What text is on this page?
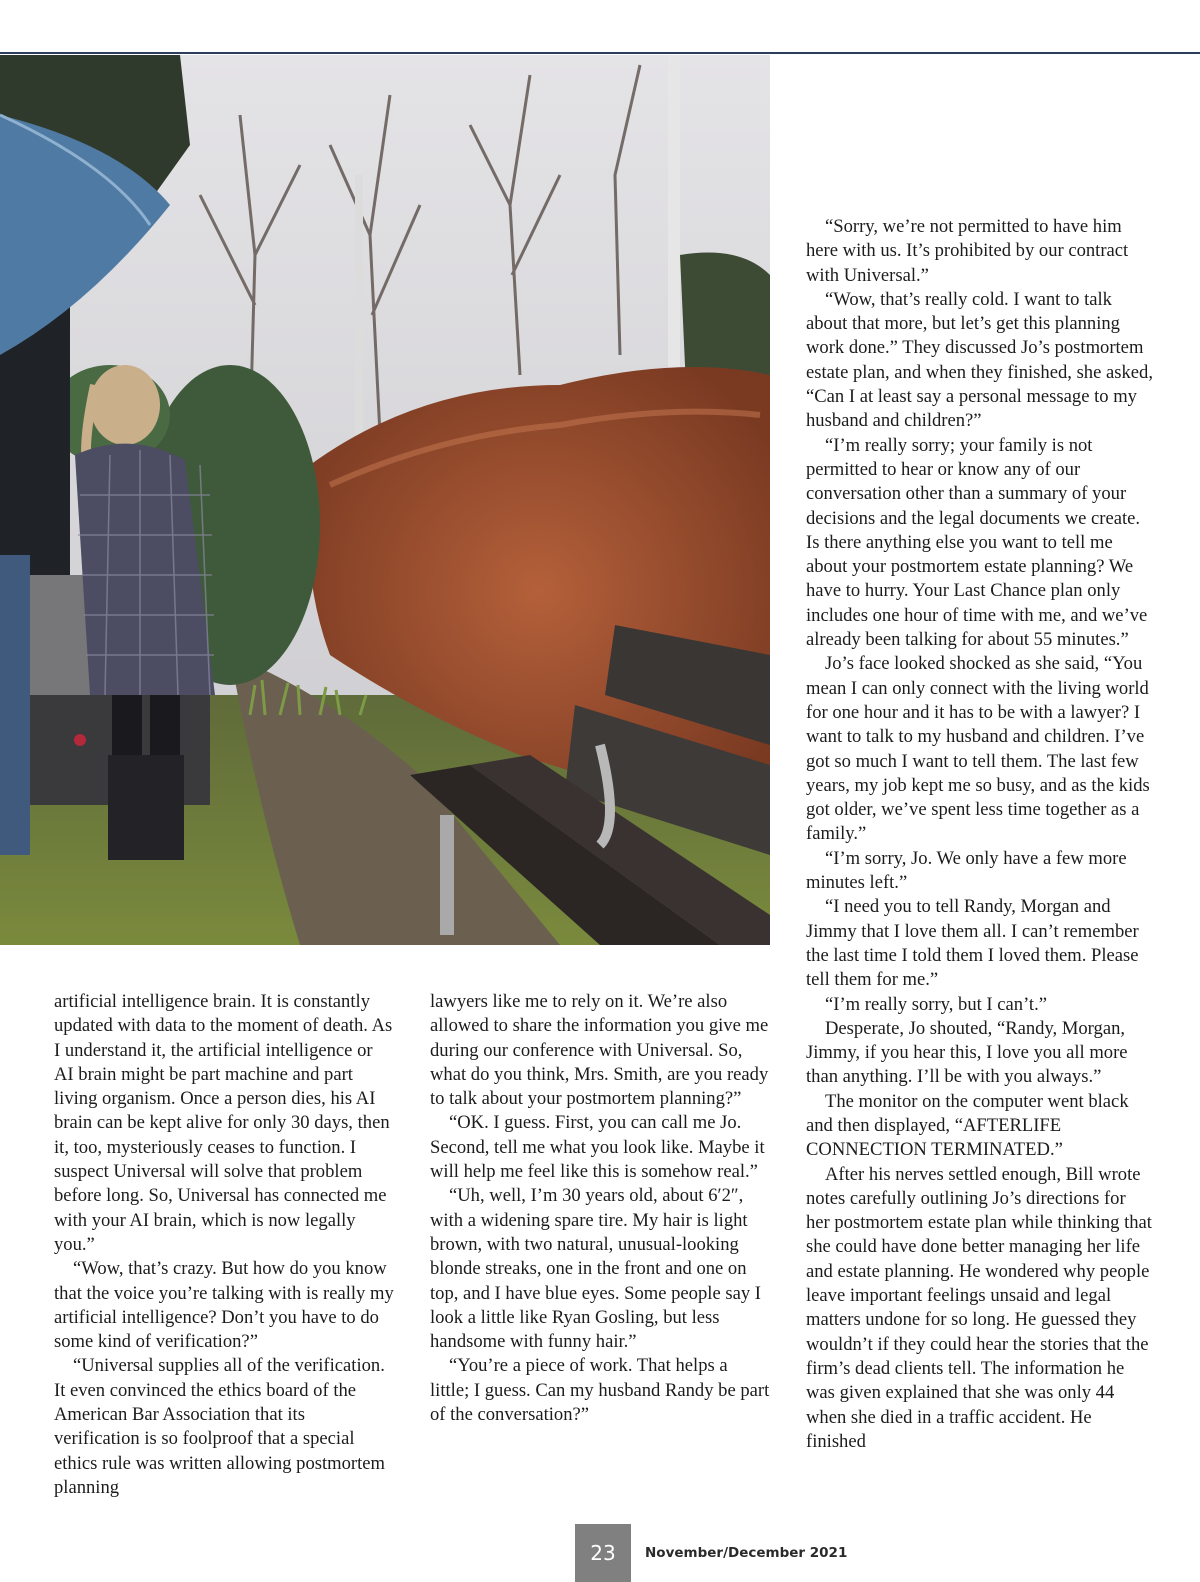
artificial intelligence brain. It is constantly updated with data to the moment of death. As I understand it, the artificial intelligence or AI brain might be part machine and part living organism. Once a person dies, his AI brain can be kept alive for only 30 days, then it, too, mysteriously ceases to function. I suspect Universal will solve that problem before long. So, Universal has connected me with your AI brain, which is now legally you.”

“Wow, that’s crazy. But how do you know that the voice you’re talking with is really my artificial intelligence? Don’t you have to do some kind of verification?”

“Universal supplies all of the verification. It even convinced the ethics board of the American Bar Association that its verification is so foolproof that a special ethics rule was written allowing postmortem planning

lawyers like me to rely on it. We’re also allowed to share the information you give me during our conference with Universal. So, what do you think, Mrs. Smith, are you ready to talk about your postmortem planning?”

“OK. I guess. First, you can call me Jo. Second, tell me what you look like. Maybe it will help me feel like this is somehow real.”

“Uh, well, I’m 30 years old, about 6′2″, with a widening spare tire. My hair is light brown, with two natural, unusual-looking blonde streaks, one in the front and one on top, and I have blue eyes. Some people say I look a little like Ryan Gosling, but less handsome with funny hair.”

“You’re a piece of work. That helps a little; I guess. Can my husband Randy be part of the conversation?”

“Sorry, we’re not permitted to have him here with us. It’s prohibited by our contract with Universal.”

“Wow, that’s really cold. I want to talk about that more, but let’s get this planning work done.” They discussed Jo’s postmortem estate plan, and when they finished, she asked, “Can I at least say a personal message to my husband and children?”

“I’m really sorry; your family is not permitted to hear or know any of our conversation other than a summary of your decisions and the legal documents we create. Is there anything else you want to tell me about your postmortem estate planning? We have to hurry. Your Last Chance plan only includes one hour of time with me, and we’ve already been talking for about 55 minutes.”

Jo’s face looked shocked as she said, “You mean I can only connect with the living world for one hour and it has to be with a lawyer? I want to talk to my husband and children. I’ve got so much I want to tell them. The last few years, my job kept me so busy, and as the kids got older, we’ve spent less time together as a family.”

“I’m sorry, Jo. We only have a few more minutes left.”

“I need you to tell Randy, Morgan and Jimmy that I love them all. I can’t remember the last time I told them I loved them. Please tell them for me.”

“I’m really sorry, but I can’t.”

Desperate, Jo shouted, “Randy, Morgan, Jimmy, if you hear this, I love you all more than anything. I’ll be with you always.”

The monitor on the computer went black and then displayed, “AFTERLIFE CONNECTION TERMINATED.”

After his nerves settled enough, Bill wrote notes carefully outlining Jo’s directions for her postmortem estate plan while thinking that she could have done better managing her life and estate planning. He wondered why people leave important feelings unsaid and legal matters undone for so long. He guessed they wouldn’t if they could hear the stories that the firm’s dead clients tell. The information he was given explained that she was only 44 when she died in a traffic accident. He finished

23	November/December 2021
